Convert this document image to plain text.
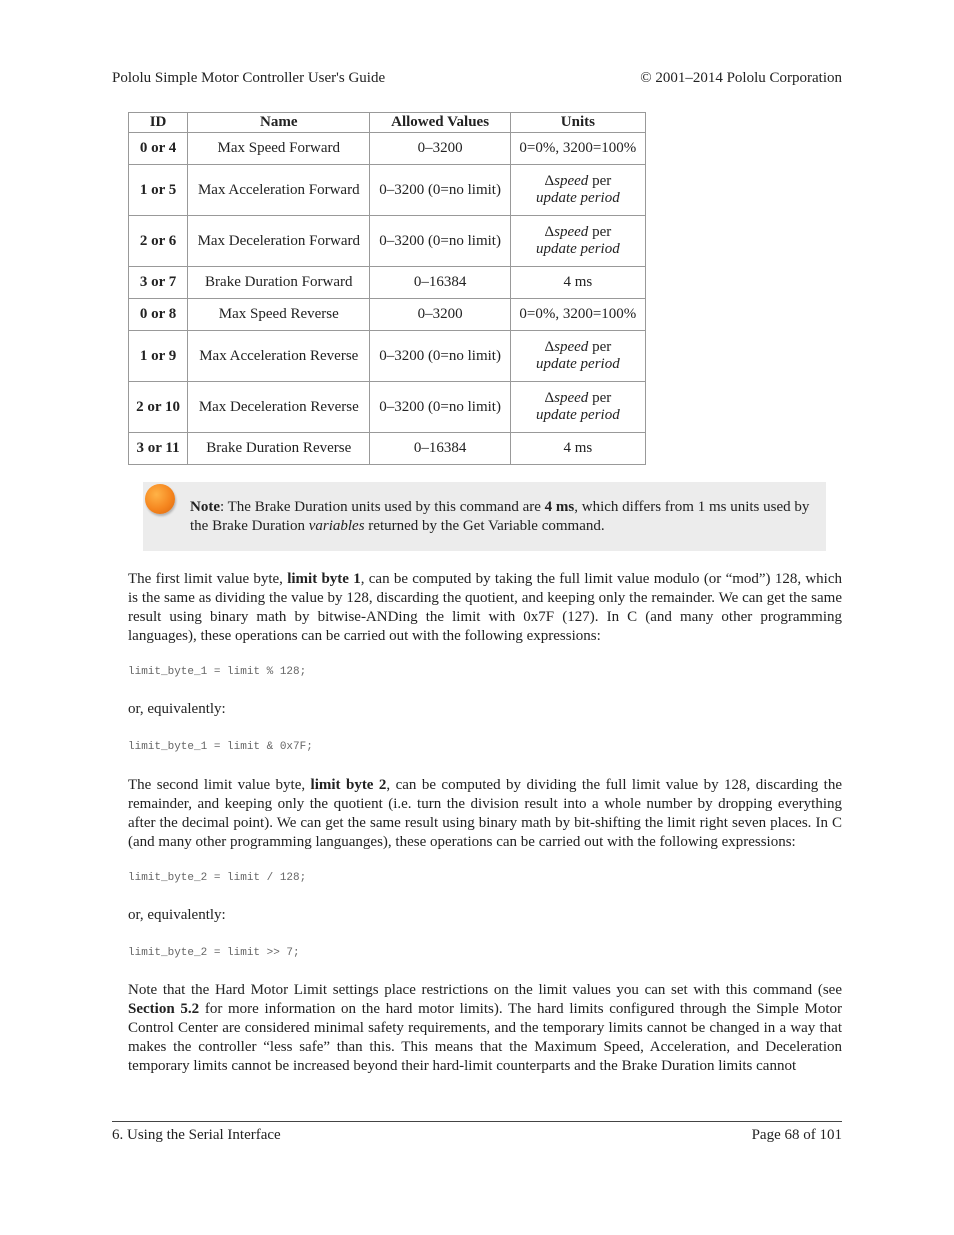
Pololu Simple Motor Controller User's Guide	© 2001–2014 Pololu Corporation
ID	Name	Allowed Values	Units
0 or 4	Max Speed Forward	0–3200	0=0%, 3200=100%
1 or 5	Max Acceleration Forward	0–3200 (0=no limit)	Δspeed per
update period
2 or 6	Max Deceleration Forward	0–3200 (0=no limit)	Δspeed per
update period
3 or 7	Brake Duration Forward	0–16384	4 ms
0 or 8	Max Speed Reverse	0–3200	0=0%, 3200=100%
1 or 9	Max Acceleration Reverse	0–3200 (0=no limit)	Δspeed per
update period
2 or 10	Max Deceleration Reverse	0–3200 (0=no limit)	Δspeed per
update period
3 or 11	Brake Duration Reverse	0–16384	4 ms
Note: The Brake Duration units used by this command are 4 ms, which differs from 1 ms units used by the Brake Duration variables returned by the Get Variable command.

The first limit value byte, limit byte 1, can be computed by taking the full limit value modulo (or “mod”) 128, which is the same as dividing the value by 128, discarding the quotient, and keeping only the remainder. We can get the same result using binary math by bitwise-ANDing the limit with 0x7F (127). In C (and many other programming languages), these operations can be carried out with the following expressions:

limit_byte_1 = limit % 128;

or, equivalently:

limit_byte_1 = limit & 0x7F;

The second limit value byte, limit byte 2, can be computed by dividing the full limit value by 128, discarding the remainder, and keeping only the quotient (i.e. turn the division result into a whole number by dropping everything after the decimal point). We can get the same result using binary math by bit-shifting the limit right seven places. In C (and many other programming languanges), these operations can be carried out with the following expressions:

limit_byte_2 = limit / 128;

or, equivalently:

limit_byte_2 = limit >> 7;

Note that the Hard Motor Limit settings place restrictions on the limit values you can set with this command (see Section 5.2 for more information on the hard motor limits). The hard limits configured through the Simple Motor Control Center are considered minimal safety requirements, and the temporary limits cannot be changed in a way that makes the controller “less safe” than this. This means that the Maximum Speed, Acceleration, and Deceleration temporary limits cannot be increased beyond their hard-limit counterparts and the Brake Duration limits cannot

6. Using the Serial Interface	Page 68 of 101
